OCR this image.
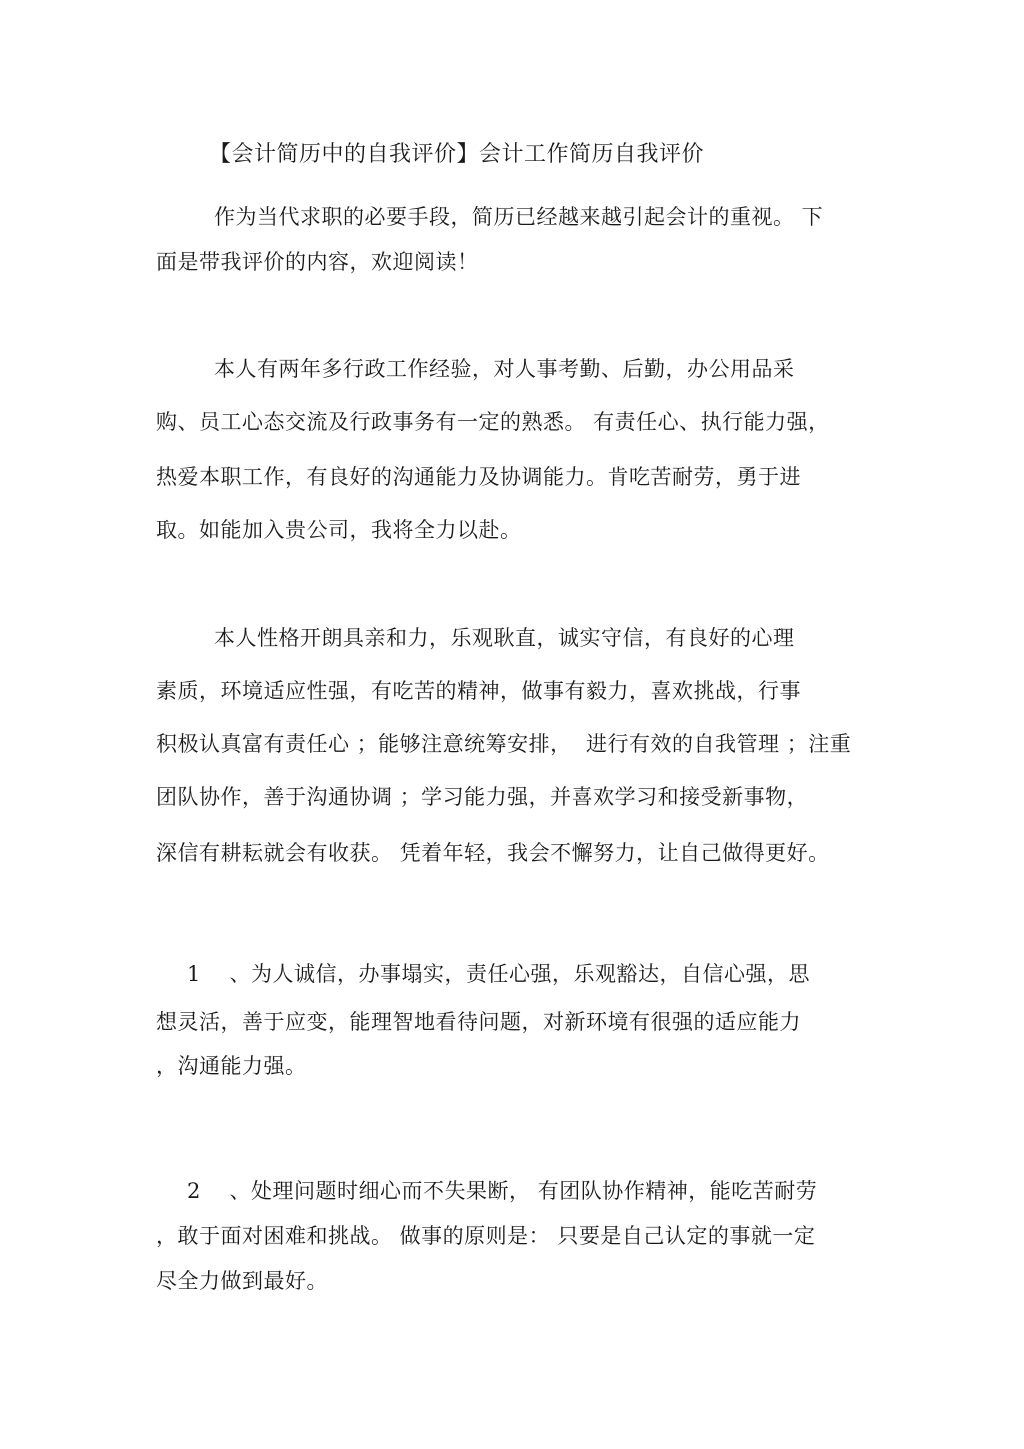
【会计简历中的自我评价】会计工作简历自我评价
作为当代求职的必要手段，简历已经越来越引起会计的重视。 下
面是带我评价的内容，欢迎阅读！
本人有两年多行政工作经验，对人事考勤、后勤，办公用品采
购、员工心态交流及行政事务有一定的熟悉。 有责任心、执行能力强，
热爱本职工作，有良好的沟通能力及协调能力。肯吃苦耐劳，勇于进
取。如能加入贵公司，我将全力以赴。
本人性格开朗具亲和力，乐观耿直，诚实守信，有良好的心理
素质，环境适应性强，有吃苦的精神，做事有毅力，喜欢挑战，行事
积极认真富有责任心 ；能够注意统筹安排，  进行有效的自我管理 ；注重
团队协作，善于沟通协调 ；学习能力强，并喜欢学习和接受新事物，
深信有耕耘就会有收获。 凭着年轻，我会不懈努力，让自己做得更好。
1    、为人诚信，办事塌实，责任心强，乐观豁达，自信心强，思
想灵活，善于应变，能理智地看待问题，对新环境有很强的适应能力
，沟通能力强。
2    、处理问题时细心而不失果断， 有团队协作精神，能吃苦耐劳
，敢于面对困难和挑战。 做事的原则是： 只要是自己认定的事就一定
尽全力做到最好。
